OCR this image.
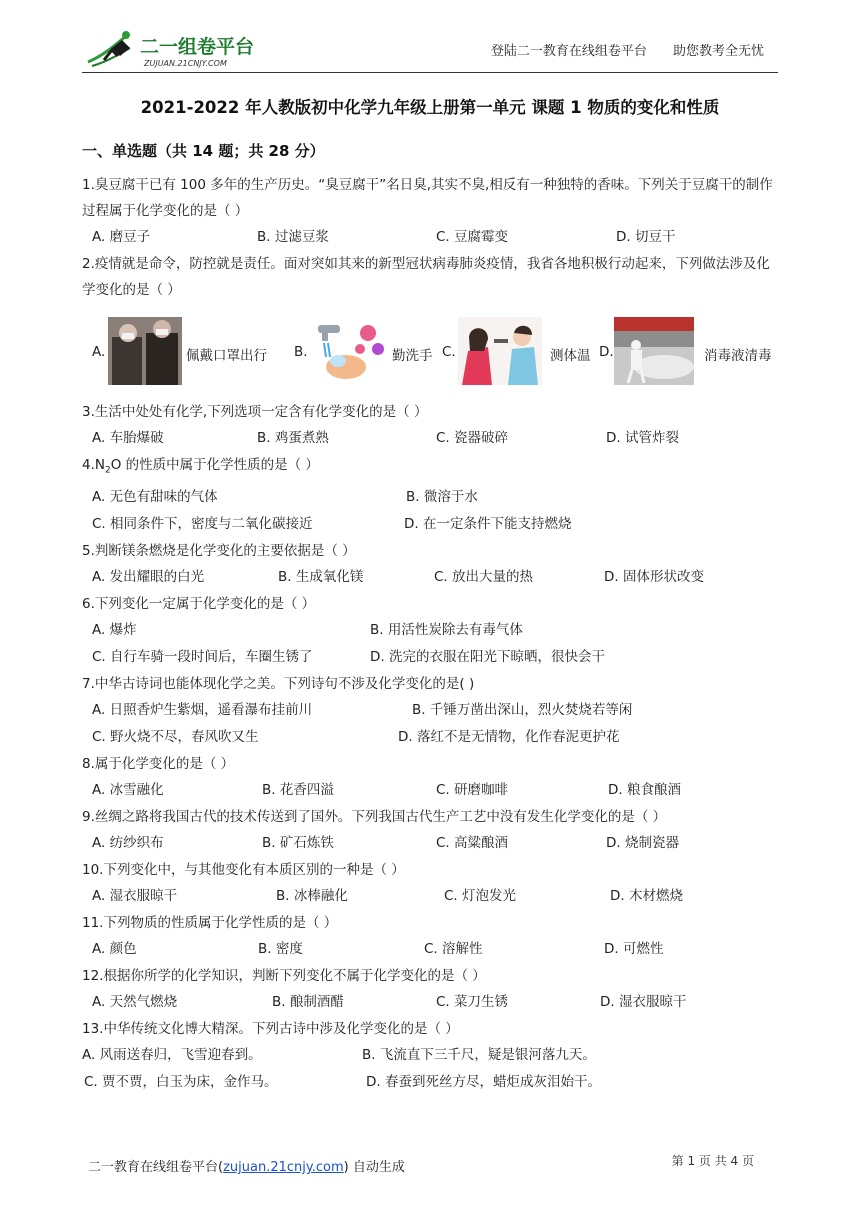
二一组卷平台
ZUJUAN.21CNJY.COM
登陆二一教育在线组卷平台 助您教考全无忧
2021-2022 年人教版初中化学九年级上册第一单元 课题 1 物质的变化和性质
一、单选题（共 14 题；共 28 分）
1.臭豆腐干已有 100 多年的生产历史。“臭豆腐干”名日臭,其实不臭,相反有一种独特的香味。下列关于豆腐干的制作过程属于化学变化的是（ ）
A. 磨豆子	B. 过滤豆浆	C. 豆腐霉变	D. 切豆干
2.疫情就是命令，防控就是责任。面对突如其来的新型冠状病毒肺炎疫情，我省各地积极行动起来，下列做法涉及化学变化的是（ ）
A.	佩戴口罩出行 B.	勤洗手 C.	测体温 D.	消毒液清毒
3.生活中处处有化学,下列选项一定含有化学变化的是（ ）
A. 车胎爆破	B. 鸡蛋煮熟	C. 瓷器破碎	D. 试管炸裂
$4.N_2O$ 的性质中属于化学性质的是（ ）
A. 无色有甜味的气体	B. 微溶于水
C. 相同条件下，密度与二氧化碳接近	D. 在一定条件下能支持燃烧
5.判断镁条燃烧是化学变化的主要依据是（ ）
A. 发出耀眼的白光	B. 生成氧化镁	C. 放出大量的热	D. 固体形状改变
6.下列变化一定属于化学变化的是（ ）
A. 爆炸	B. 用活性炭除去有毒气体
C. 自行车骑一段时间后，车圈生锈了	D. 洗完的衣服在阳光下晾晒，很快会干
7.中华古诗词也能体现化学之美。下列诗句不涉及化学变化的是( )
A. 日照香炉生紫烟，遥看瀑布挂前川	B. 千锤万凿出深山，烈火焚烧若等闲
C. 野火烧不尽，春风吹又生	D. 落红不是无情物，化作春泥更护花
8.属于化学变化的是（ ）
A. 冰雪融化	B. 花香四溢	C. 研磨咖啡	D. 粮食酿酒
9.丝绸之路将我国古代的技术传送到了国外。下列我国古代生产工艺中没有发生化学变化的是（ ）
A. 纺纱织布	B. 矿石炼铁	C. 高粱酿酒	D. 烧制瓷器
10.下列变化中，与其他变化有本质区别的一种是（ ）
A. 湿衣服晾干	B. 冰棒融化	C. 灯泡发光	D. 木材燃烧
11.下列物质的性质属于化学性质的是（ ）
A. 颜色	B. 密度	C. 溶解性	D. 可燃性
12.根据你所学的化学知识，判断下列变化不属于化学变化的是（ ）
A. 天然气燃烧	B. 酿制酒醋	C. 菜刀生锈	D. 湿衣服晾干
13.中华传统文化博大精深。下列古诗中涉及化学变化的是（ ）
A. 风雨送春归，飞雪迎春到。	B. 飞流直下三千尺，疑是银河落九天。
C. 贾不贾，白玉为床，金作马。	D. 春蚕到死丝方尽，蜡炬成灰泪始干。
二一教育在线组卷平台(zujuan.21cnjy.com) 自动生成	第 1 页 共 4 页
